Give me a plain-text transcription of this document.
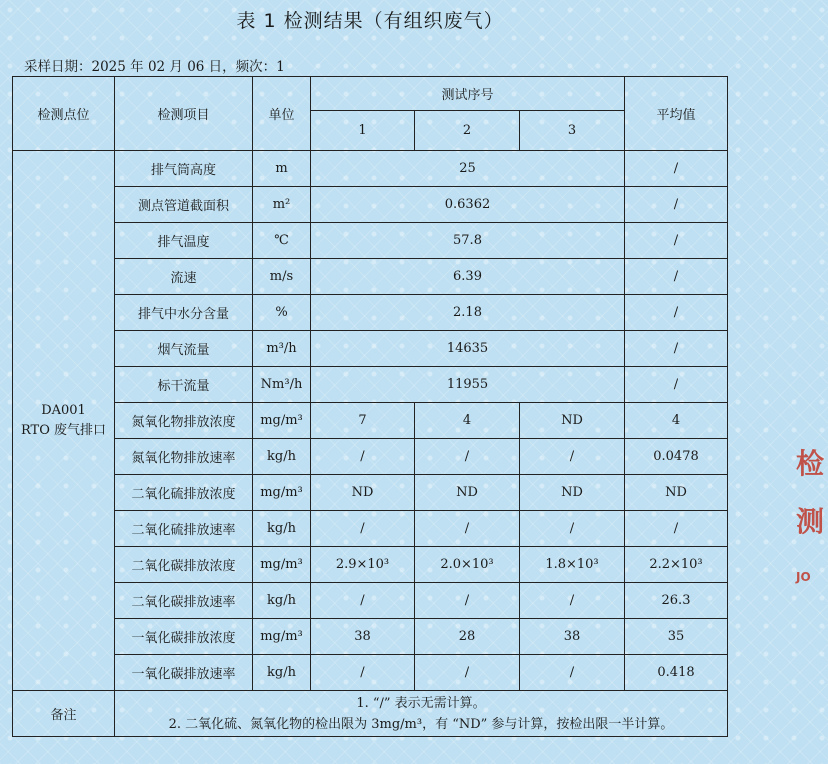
表 1 检测结果（有组织废气）
采样日期：2025 年 02 月 06 日，频次：1
检测点位	检测项目	单位	测试序号			平均值
			1	2	3	

DA001
RTO 废气排口	排气筒高度	m	25			/
	测点管道截面积	m²	0.6362			/
	排气温度	℃	57.8			/
	流速	m/s	6.39			/
	排气中水分含量	%	2.18			/
	烟气流量	m³/h	14635			/
	标干流量	Nm³/h	11955			/
	氮氧化物排放浓度	mg/m³	7	4	ND	4
	氮氧化物排放速率	kg/h	/	/	/	0.0478
	二氧化硫排放浓度	mg/m³	ND	ND	ND	ND
	二氧化硫排放速率	kg/h	/	/	/	/
	二氧化碳排放浓度	mg/m³	2.9×10³	2.0×10³	1.8×10³	2.2×10³
	二氧化碳排放速率	kg/h	/	/	/	26.3
	一氧化碳排放浓度	mg/m³	38	28	38	35
	一氧化碳排放速率	kg/h	/	/	/	0.418
备注	1. “/” 表示无需计算。
2. 二氧化硫、氮氧化物的检出限为 3mg/m³，有 “ND” 参与计算，按检出限一半计算。					
检
测
JO
